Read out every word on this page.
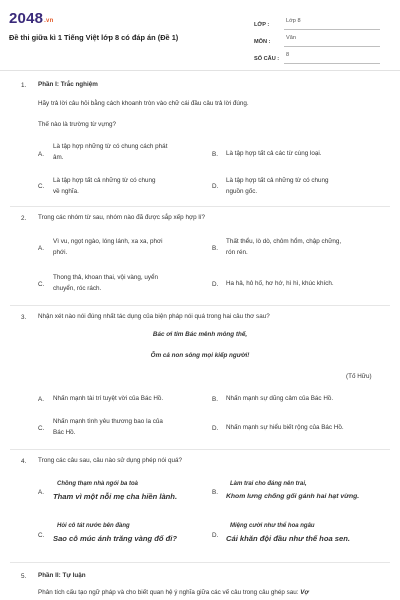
2048.vn
Đề thi giữa kì 1 Tiếng Việt lớp 8 có đáp án (Đề 1)
LỚP :
Lớp 8
MÔN :
Văn
SỐ CÂU :
8
1. Phần I: Trắc nghiệm
Hãy trả lời câu hỏi bằng cách khoanh tròn vào chữ cái đầu câu trả lời đúng.
Thế nào là trường từ vựng?
A.
Là tập hợp những từ có chung cách phát
âm.	B. Là tập hợp tất cả các từ cùng loại.
C.
Là tập hợp tất cả những từ có chung
về nghĩa.
D.
Là tập hợp tất cả những từ có chung
nguồn gốc.
2. Trong các nhóm từ sau, nhóm nào đã được sắp xếp hợp lí?
A.
Vì vu, ngọt ngào, lóng lánh, xa xa, phơi
phới.	B.
Thất thểu, lò dò, chôm hổm, chập chững,
rón rén.
C.
Thong thả, khoan thai, vội vàng, uyển
chuyển, róc rách.	D. Ha hả, hô hố, hơ hớ, hì hì, khúc khích.
3. Nhận xét nào nói đúng nhất tác dụng của biện pháp nói quá trong hai câu thơ sau?
Bác ơi tim Bác mênh mông thế,
Ôm cả non sông mọi kiếp người!
(Tố Hữu)
A. Nhấn mạnh tài trí tuyệt vời của Bác Hồ.	B. Nhấn mạnh sự dũng cảm của Bác Hồ.
C.
Nhấn mạnh tình yêu thương bao la của
Bác Hồ.	D. Nhấn mạnh sự hiểu biết rộng của Bác Hồ.
4. Trong các câu sau, câu nào sử dụng phép nói quá?
A.
Chồng thạm nhà ngói ba toà
Tham vì một nỗi mẹ cha hiền lành.	B.
Làm trai cho đáng nên trai,
Khom lưng chống gối gánh hai hạt vừng.
C.
Hỏi cô tát nước bên đàng
Sao cô múc ánh trăng vàng đổ đi?	D.
Miệng cười như thể hoa ngâu
Cái khăn đội đầu như thể hoa sen.
5. Phần II: Tự luận
Phân tích cấu tạo ngữ pháp và cho biết quan hệ ý nghĩa giữa các vế câu trong câu ghép sau: Vợ
